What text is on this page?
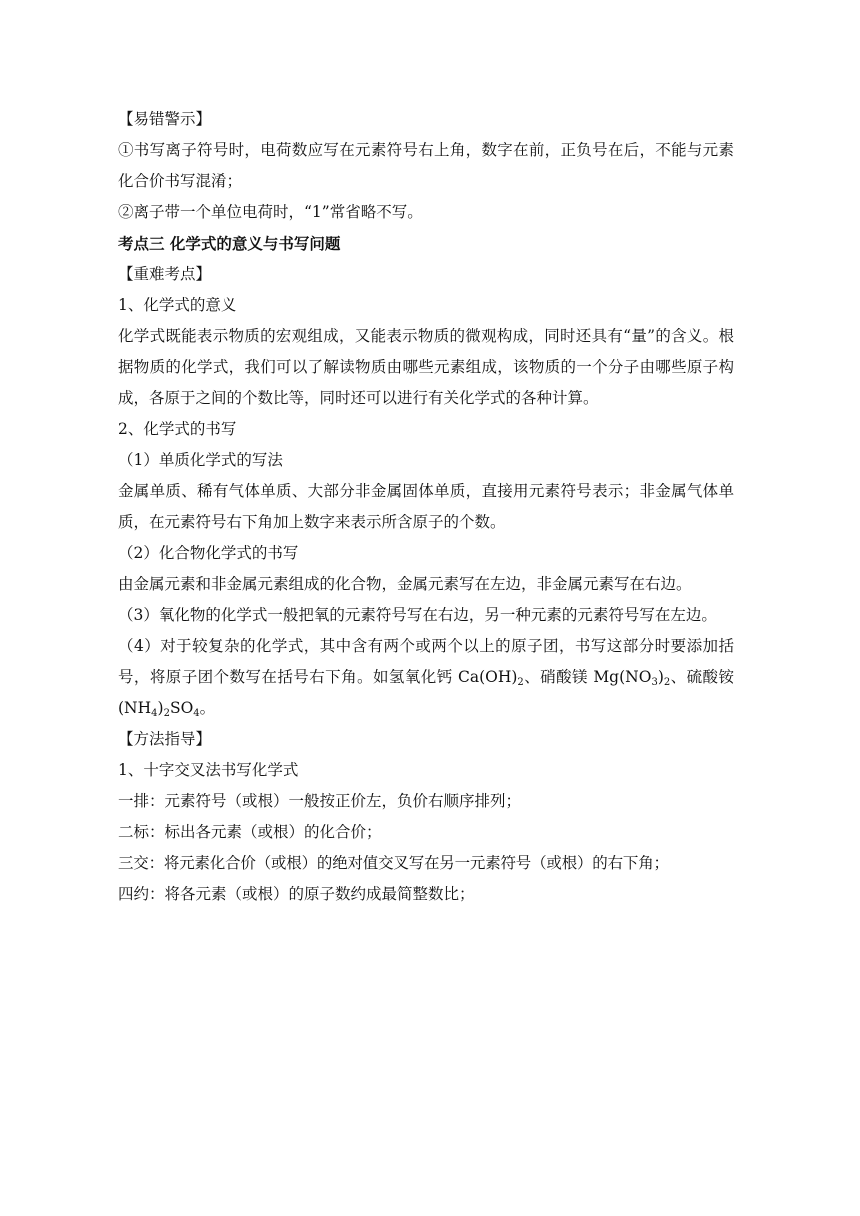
【易错警示】

①书写离子符号时，电荷数应写在元素符号右上角，数字在前，正负号在后，不能与元素化合价书写混淆；

②离子带一个单位电荷时，“1”常省略不写。

考点三 化学式的意义与书写问题

【重难考点】

1、化学式的意义

化学式既能表示物质的宏观组成，又能表示物质的微观构成，同时还具有“量”的含义。根据物质的化学式，我们可以了解读物质由哪些元素组成，该物质的一个分子由哪些原子构成，各原于之间的个数比等，同时还可以进行有关化学式的各种计算。

2、化学式的书写

（1）单质化学式的写法

金属单质、稀有气体单质、大部分非金属固体单质，直接用元素符号表示；非金属气体单质，在元素符号右下角加上数字来表示所含原子的个数。

（2）化合物化学式的书写

由金属元素和非金属元素组成的化合物，金属元素写在左边，非金属元素写在右边。

（3）氧化物的化学式一般把氧的元素符号写在右边，另一种元素的元素符号写在左边。

（4）对于较复杂的化学式，其中含有两个或两个以上的原子团，书写这部分时要添加括号，将原子团个数写在括号右下角。如氢氧化钙 $Ca(OH)_2$、硝酸镁 $Mg(NO_3)_2$、硫酸铵$(NH_4)_2SO_4$。

【方法指导】

1、十字交叉法书写化学式

一排：元素符号（或根）一般按正价左，负价右顺序排列；

二标：标出各元素（或根）的化合价；

三交：将元素化合价（或根）的绝对值交叉写在另一元素符号（或根）的右下角；

四约：将各元素（或根）的原子数约成最简整数比；
